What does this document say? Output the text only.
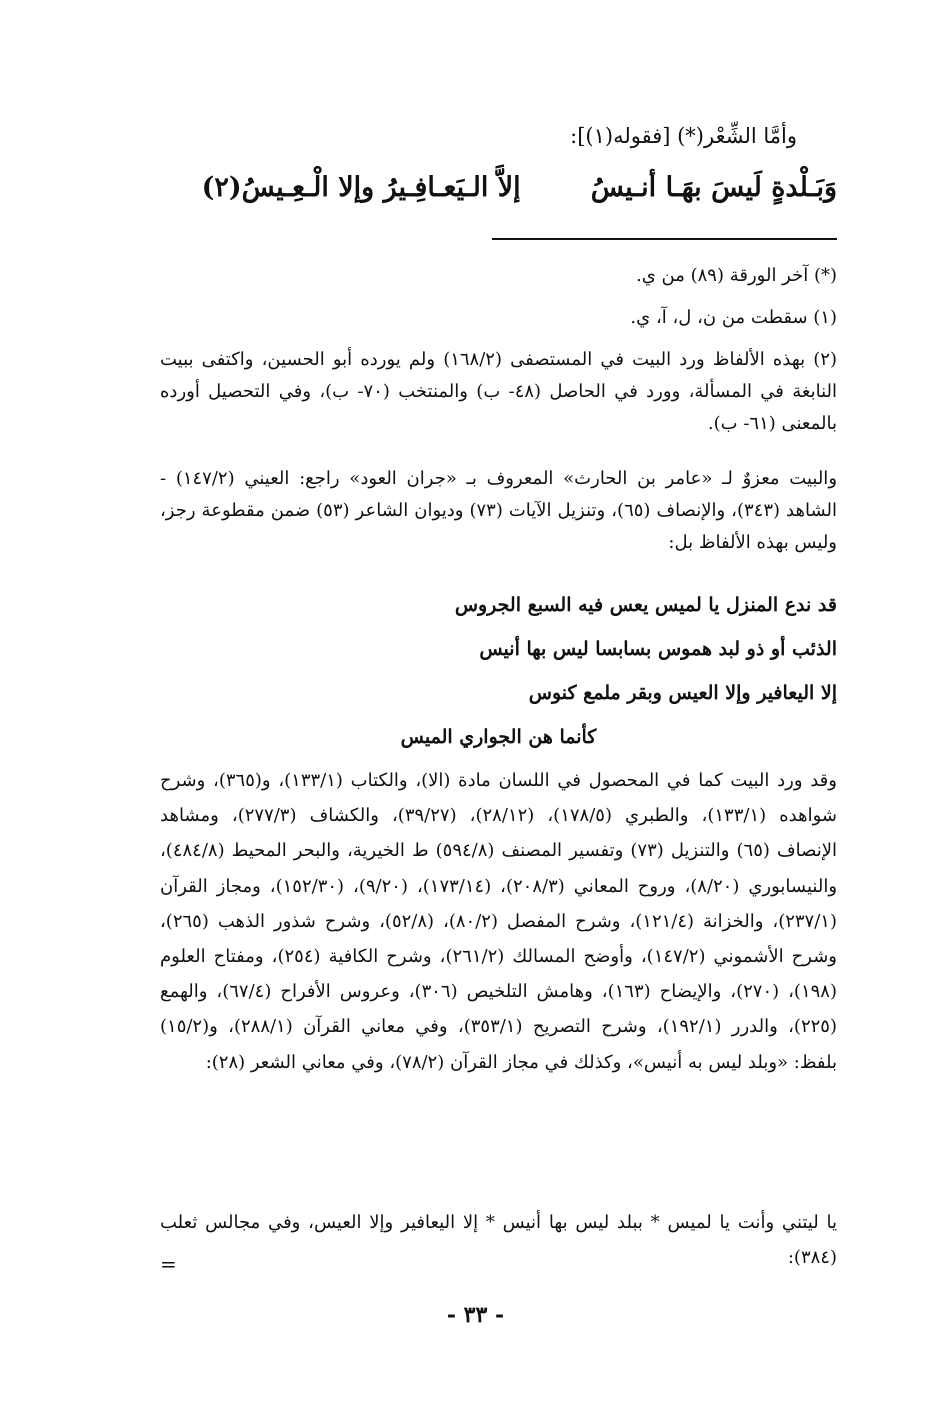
وأمَّا الشِّعْر(*) [فقوله(١)]:
وَبَـلْدةٍ لَيسَ بهَـا أنـيسُ
إلاَّ الـيَعـافِـيرُ وإلا الْـعِـيسُ(٢)
(*) آخر الورقة (٨٩) من ي.
(١) سقطت من ن، ل، آ، ي.
(٢) بهذه الألفاظ ورد البيت في المستصفى (١٦٨/٢) ولم يورده أبو الحسين، واكتفى ببيت النابغة في المسألة، وورد في الحاصل (٤٨- ب) والمنتخب (٧٠- ب)، وفي التحصيل أورده بالمعنى (٦١- ب).
والبيت معزوٌ لـ «عامر بن الحارث» المعروف بـ «جران العود» راجع: العيني (١٤٧/٢) - الشاهد (٣٤٣)، والإنصاف (٦٥)، وتنزيل الآيات (٧٣) وديوان الشاعر (٥٣) ضمن مقطوعة رجز، وليس بهذه الألفاظ بل:
قد ندع المنزل يا لميس يعس فيه السبع الجروس
الذئب أو ذو لبد هموس بسابسا ليس بها أنيس
إلا اليعافير وإلا العيس وبقر ملمع كنوس
كأنما هن الجواري الميس
وقد ورد البيت كما في المحصول في اللسان مادة (الا)، والكتاب (١٣٣/١)، و(٣٦٥)، وشرح شواهده (١٣٣/١)، والطبري (١٧٨/٥)، (٢٨/١٢)، (٣٩/٢٧)، والكشاف (٢٧٧/٣)، ومشاهد الإنصاف (٦٥) والتنزيل (٧٣) وتفسير المصنف (٥٩٤/٨) ط الخيرية، والبحر المحيط (٤٨٤/٨)، والنيسابوري (٨/٢٠)، وروح المعاني (٢٠٨/٣)، (١٧٣/١٤)، (٩/٢٠)، (١٥٢/٣٠)، ومجاز القرآن (٢٣٧/١)، والخزانة (١٢١/٤)، وشرح المفصل (٨٠/٢)، (٥٢/٨)، وشرح شذور الذهب (٢٦٥)، وشرح الأشموني (١٤٧/٢)، وأوضح المسالك (٢٦١/٢)، وشرح الكافية (٢٥٤)، ومفتاح العلوم (١٩٨)، (٢٧٠)، والإيضاح (١٦٣)، وهامش التلخيص (٣٠٦)، وعروس الأفراح (٦٧/٤)، والهمع (٢٢٥)، والدرر (١٩٢/١)، وشرح التصريح (٣٥٣/١)، وفي معاني القرآن (٢٨٨/١)، و(١٥/٢) بلفظ: «وبلد ليس به أنيس»، وكذلك في مجاز القرآن (٧٨/٢)، وفي معاني الشعر (٢٨):
يا ليتني وأنت يا لميس * ببلد ليس بها أنيس * إلا اليعافير وإلا العيس، وفي مجالس ثعلب (٣٨٤):
=
- ٣٣ -
